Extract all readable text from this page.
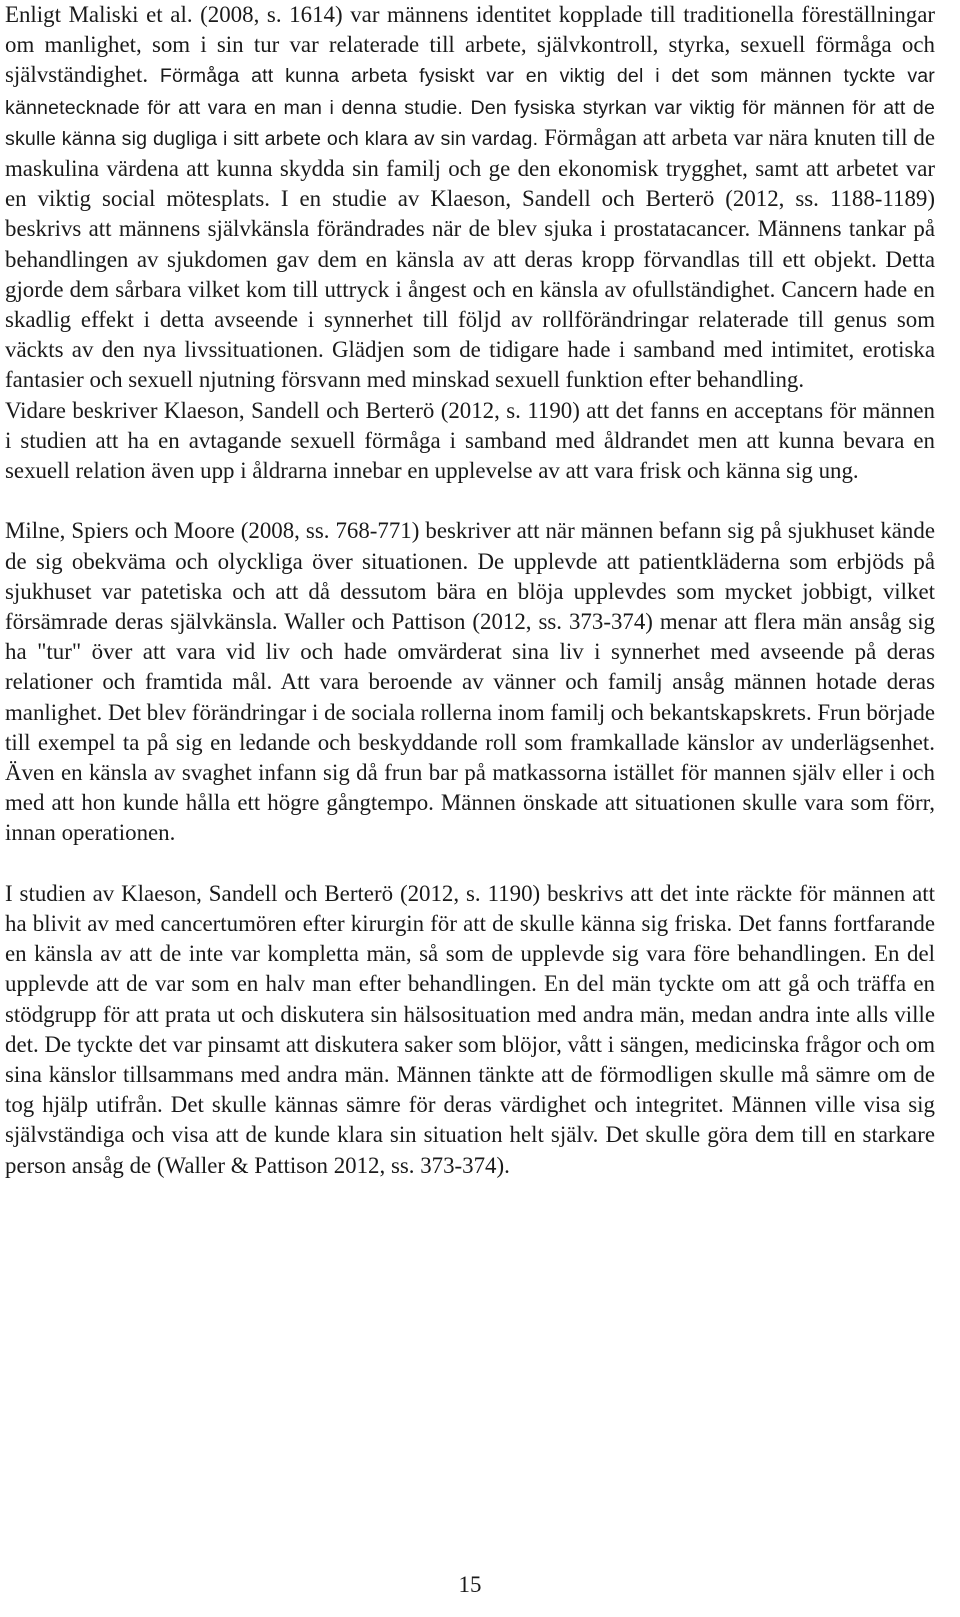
Enligt Maliski et al. (2008, s. 1614) var männens identitet kopplade till traditionella föreställningar om manlighet, som i sin tur var relaterade till arbete, självkontroll, styrka, sexuell förmåga och självständighet. Förmåga att kunna arbeta fysiskt var en viktig del i det som männen tyckte var kännetecknade för att vara en man i denna studie. Den fysiska styrkan var viktig för männen för att de skulle känna sig dugliga i sitt arbete och klara av sin vardag. Förmågan att arbeta var nära knuten till de maskulina värdena att kunna skydda sin familj och ge den ekonomisk trygghet, samt att arbetet var en viktig social mötesplats. I en studie av Klaeson, Sandell och Berterö (2012, ss. 1188-1189) beskrivs att männens självkänsla förändrades när de blev sjuka i prostatacancer. Männens tankar på behandlingen av sjukdomen gav dem en känsla av att deras kropp förvandlas till ett objekt. Detta gjorde dem sårbara vilket kom till uttryck i ångest och en känsla av ofullständighet. Cancern hade en skadlig effekt i detta avseende i synnerhet till följd av rollförändringar relaterade till genus som väckts av den nya livssituationen. Glädjen som de tidigare hade i samband med intimitet, erotiska fantasier och sexuell njutning försvann med minskad sexuell funktion efter behandling.

Vidare beskriver Klaeson, Sandell och Berterö (2012, s. 1190) att det fanns en acceptans för männen i studien att ha en avtagande sexuell förmåga i samband med åldrandet men att kunna bevara en sexuell relation även upp i åldrarna innebar en upplevelse av att vara frisk och känna sig ung.

Milne, Spiers och Moore (2008, ss. 768-771) beskriver att när männen befann sig på sjukhuset kände de sig obekväma och olyckliga över situationen. De upplevde att patientkläderna som erbjöds på sjukhuset var patetiska och att då dessutom bära en blöja upplevdes som mycket jobbigt, vilket försämrade deras självkänsla. Waller och Pattison (2012, ss. 373-374) menar att flera män ansåg sig ha "tur" över att vara vid liv och hade omvärderat sina liv i synnerhet med avseende på deras relationer och framtida mål. Att vara beroende av vänner och familj ansåg männen hotade deras manlighet. Det blev förändringar i de sociala rollerna inom familj och bekantskapskrets. Frun började till exempel ta på sig en ledande och beskyddande roll som framkallade känslor av underlägsenhet. Även en känsla av svaghet infann sig då frun bar på matkassorna istället för mannen själv eller i och med att hon kunde hålla ett högre gångtempo. Männen önskade att situationen skulle vara som förr, innan operationen.

I studien av Klaeson, Sandell och Berterö (2012, s. 1190) beskrivs att det inte räckte för männen att ha blivit av med cancertumören efter kirurgin för att de skulle känna sig friska. Det fanns fortfarande en känsla av att de inte var kompletta män, så som de upplevde sig vara före behandlingen. En del upplevde att de var som en halv man efter behandlingen. En del män tyckte om att gå och träffa en stödgrupp för att prata ut och diskutera sin hälsosituation med andra män, medan andra inte alls ville det. De tyckte det var pinsamt att diskutera saker som blöjor, vått i sängen, medicinska frågor och om sina känslor tillsammans med andra män. Männen tänkte att de förmodligen skulle må sämre om de tog hjälp utifrån. Det skulle kännas sämre för deras värdighet och integritet. Männen ville visa sig självständiga och visa att de kunde klara sin situation helt själv. Det skulle göra dem till en starkare person ansåg de (Waller & Pattison 2012, ss. 373-374).

15
